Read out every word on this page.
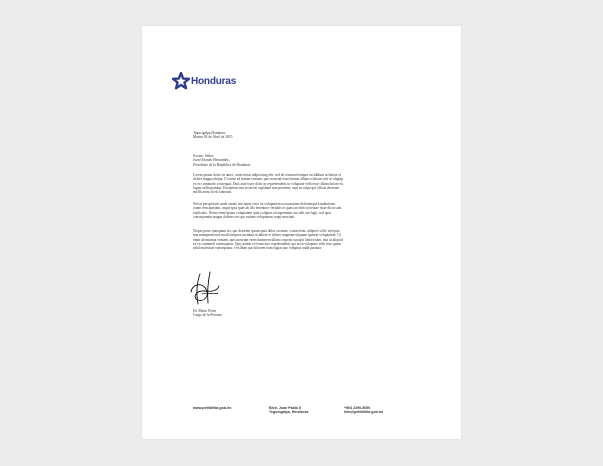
Honduras

Tegucigalpa,Honduras

Martes 03 de Abril de 2015

Excma. Señor:

Juan Orlando Hernández,

Presidente de la República de Honduras

Lorem ipsum dolor sit amet, consectetur adipisicing elit, sed do eiusmod tempor incididunt ut labore et dolore magna aliqua. Ut enim ad minim veniam, quis nostrud exercitation ullamco laboris nisi ut aliquip ex ea commodo consequat. Duis aute irure dolor in reprehenderit in voluptate velit esse cillum dolore eu fugiat nulla pariatur. Excepteur sint occaecat cupidatat non proident, sunt in culpa qui officia deserunt mollit anim id est laborum.

Sed ut perspiciatis unde omnis iste natus error sit voluptatem accusantium doloremque laudantium, totam rem aperiam, eaque ipsa quae ab illo inventore veritatis et quasi architecto beatae vitae dicta sunt explicabo. Nemo enim ipsam voluptatem quia voluptas sit aspernatur aut odit aut fugit, sed quia consequuntur magni dolores eos qui ratione voluptatem sequi nesciunt.

Neque porro quisquam est, qui dolorem ipsum quia dolor sit amet, consectetur, adipisci velit, sed quia non numquam eius modi tempora incidunt ut labore et dolore magnam aliquam quaerat voluptatem. Ut enim ad minima veniam, quis nostrum exercitationem ullam corporis suscipit laboriosam, nisi ut aliquid ex ea commodi consequatur. Quis autem vel eum iure reprehenderit qui in ea voluptate velit esse quam nihil molestiae consequatur, vel illum qui dolorem eum fugiat quo voluptas nulla pariatur.

Dr. Mario Perez

Cargo de la Persona

www.petitdrilla.gob.hn	Blvd. Juan Pablo II
Tegucigalpa, Honduras
+504 2290-5050
info@petitdrilla.gob.hn
